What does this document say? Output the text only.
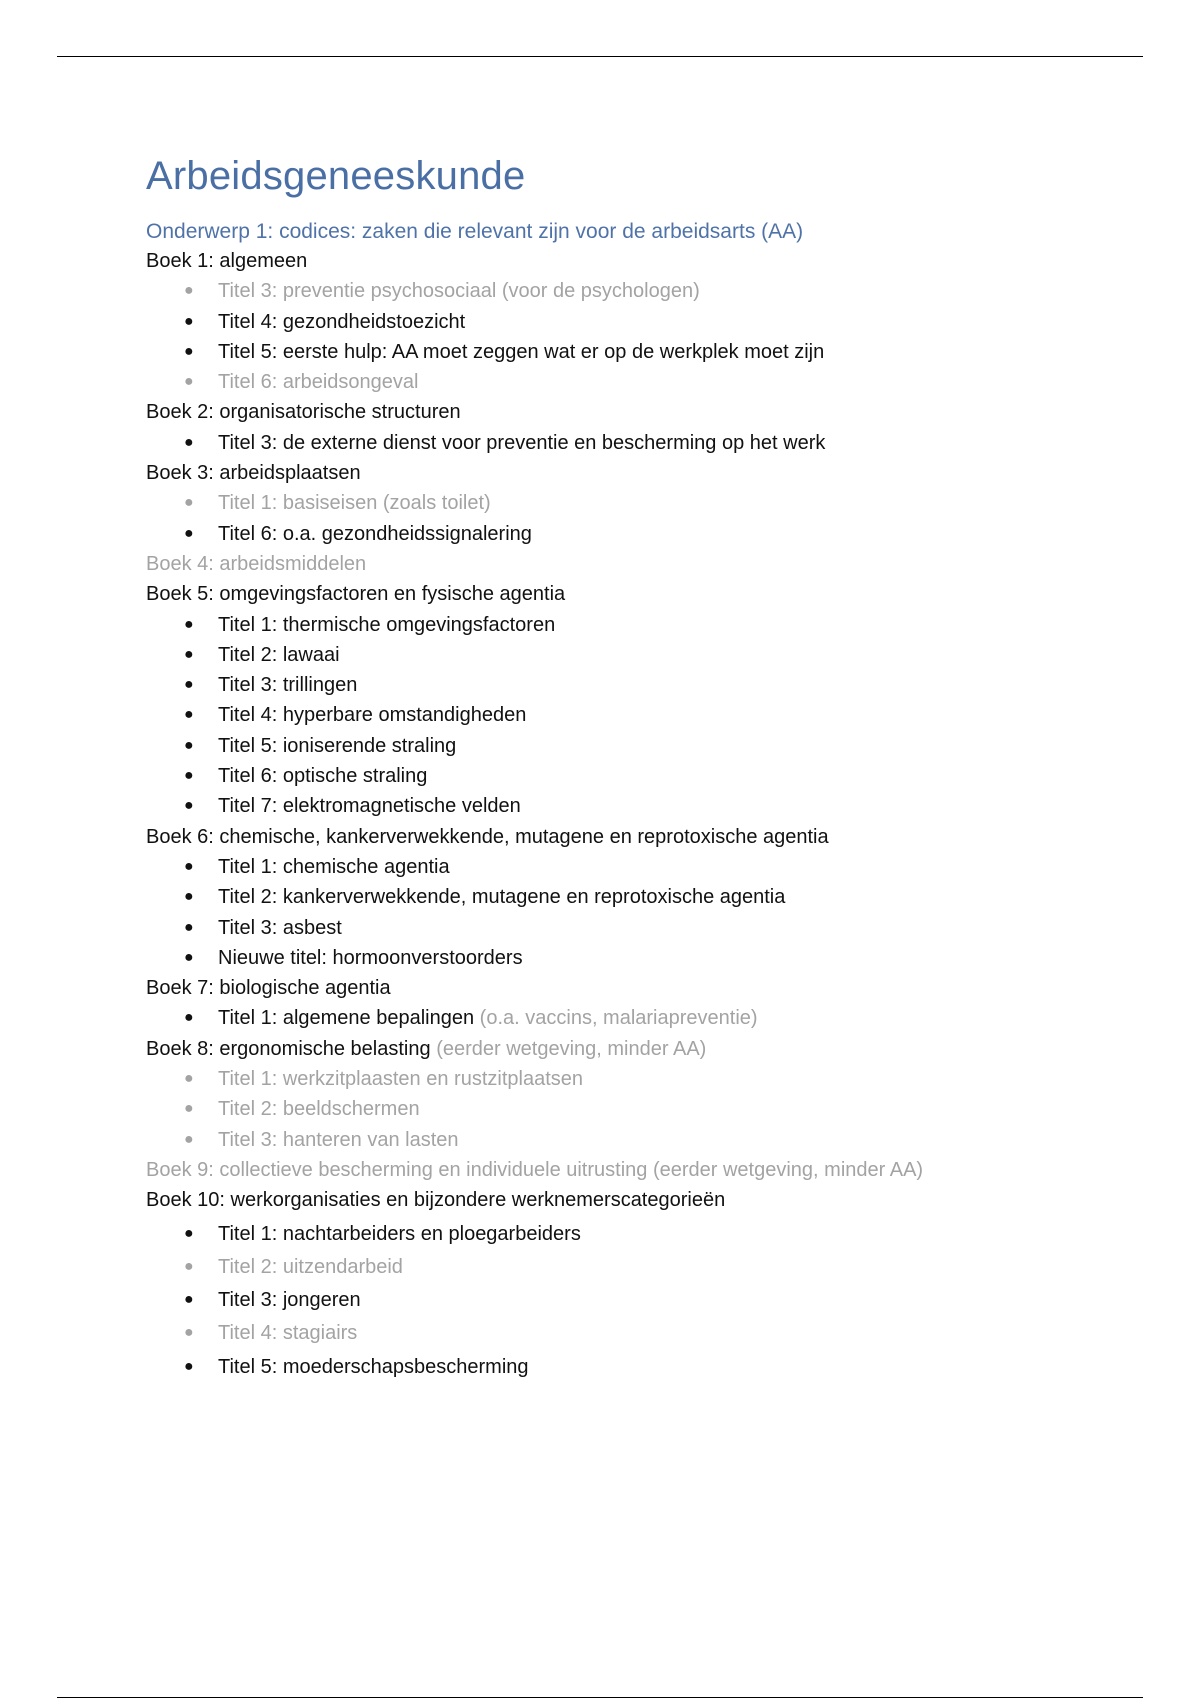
Arbeidsgeneeskunde
Onderwerp 1: codices: zaken die relevant zijn voor de arbeidsarts (AA)

Boek 1: algemeen

● Titel 3: preventie psychosociaal (voor de psychologen)
● Titel 4: gezondheidstoezicht
● Titel 5: eerste hulp: AA moet zeggen wat er op de werkplek moet zijn
● Titel 6: arbeidsongeval

Boek 2: organisatorische structuren

● Titel 3: de externe dienst voor preventie en bescherming op het werk

Boek 3: arbeidsplaatsen

● Titel 1: basiseisen (zoals toilet)
● Titel 6: o.a. gezondheidssignalering

Boek 4: arbeidsmiddelen

Boek 5: omgevingsfactoren en fysische agentia

● Titel 1: thermische omgevingsfactoren
● Titel 2: lawaai
● Titel 3: trillingen
● Titel 4: hyperbare omstandigheden
● Titel 5: ioniserende straling
● Titel 6: optische straling
● Titel 7: elektromagnetische velden

Boek 6: chemische, kankerverwekkende, mutagene en reprotoxische agentia

● Titel 1: chemische agentia
● Titel 2: kankerverwekkende, mutagene en reprotoxische agentia
● Titel 3: asbest
● Nieuwe titel: hormoonverstoorders

Boek 7: biologische agentia

● Titel 1: algemene bepalingen (o.a. vaccins, malariapreventie)

Boek 8: ergonomische belasting (eerder wetgeving, minder AA)

● Titel 1: werkzitplaasten en rustzitplaatsen
● Titel 2: beeldschermen
● Titel 3: hanteren van lasten

Boek 9: collectieve bescherming en individuele uitrusting (eerder wetgeving, minder AA)

Boek 10: werkorganisaties en bijzondere werknemerscategorieën

● Titel 1: nachtarbeiders en ploegarbeiders
● Titel 2: uitzendarbeid
● Titel 3: jongeren
● Titel 4: stagiairs
● Titel 5: moederschapsbescherming
